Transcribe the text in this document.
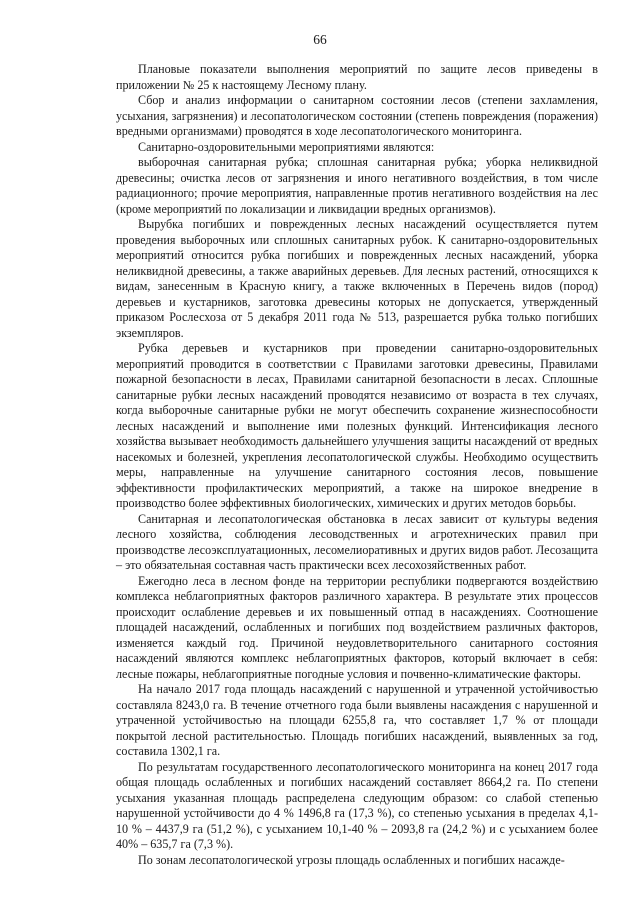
66

Плановые показатели выполнения мероприятий по защите лесов приведены в приложении № 25 к настоящему Лесному плану.

Сбор и анализ информации о санитарном состоянии лесов (степени захламления, усыхания, загрязнения) и лесопатологическом состоянии (степень повреждения (поражения) вредными организмами) проводятся в ходе лесопатологического мониторинга.

Санитарно-оздоровительными мероприятиями являются:

выборочная санитарная рубка; сплошная санитарная рубка; уборка неликвидной древесины; очистка лесов от загрязнения и иного негативного воздействия, в том числе радиационного; прочие мероприятия, направленные против негативного воздействия на лес (кроме мероприятий по локализации и ликвидации вредных организмов).

Вырубка погибших и поврежденных лесных насаждений осуществляется путем проведения выборочных или сплошных санитарных рубок. К санитарно-оздоровительных мероприятий относится рубка погибших и поврежденных лесных насаждений, уборка неликвидной древесины, а также аварийных деревьев. Для лесных растений, относящихся к видам, занесенным в Красную книгу, а также включенных в Перечень видов (пород) деревьев и кустарников, заготовка древесины которых не допускается, утвержденный приказом Рослесхоза от 5 декабря 2011 года № 513, разрешается рубка только погибших экземпляров.

Рубка деревьев и кустарников при проведении санитарно-оздоровительных мероприятий проводится в соответствии с Правилами заготовки древесины, Правилами пожарной безопасности в лесах, Правилами санитарной безопасности в лесах. Сплошные санитарные рубки лесных насаждений проводятся независимо от возраста в тех случаях, когда выборочные санитарные рубки не могут обеспечить сохранение жизнеспособности лесных насаждений и выполнение ими полезных функций. Интенсификация лесного хозяйства вызывает необходимость дальнейшего улучшения защиты насаждений от вредных насекомых и болезней, укрепления лесопатологической службы. Необходимо осуществить меры, направленные на улучшение санитарного состояния лесов, повышение эффективности профилактических мероприятий, а также на широкое внедрение в производство более эффективных биологических, химических и других методов борьбы.

Санитарная и лесопатологическая обстановка в лесах зависит от культуры ведения лесного хозяйства, соблюдения лесоводственных и агротехнических правил при производстве лесоэксплуатационных, лесомелиоративных и других видов работ. Лесозащита – это обязательная составная часть практически всех лесохозяйственных работ.

Ежегодно леса в лесном фонде на территории республики подвергаются воздействию комплекса неблагоприятных факторов различного характера. В результате этих процессов происходит ослабление деревьев и их повышенный отпад в насаждениях. Соотношение площадей насаждений, ослабленных и погибших под воздействием различных факторов, изменяется каждый год. Причиной неудовлетворительного санитарного состояния насаждений являются комплекс неблагоприятных факторов, который включает в себя: лесные пожары, неблагоприятные погодные условия и почвенно-климатические факторы.

На начало 2017 года площадь насаждений с нарушенной и утраченной устойчивостью составляла 8243,0 га. В течение отчетного года были выявлены насаждения с нарушенной и утраченной устойчивостью на площади 6255,8 га, что составляет 1,7 % от площади покрытой лесной растительностью. Площадь погибших насаждений, выявленных за год, составила 1302,1 га.

По результатам государственного лесопатологического мониторинга на конец 2017 года общая площадь ослабленных и погибших насаждений составляет 8664,2 га. По степени усыхания указанная площадь распределена следующим образом: со слабой степенью нарушенной устойчивости до 4 % 1496,8 га (17,3 %), со степенью усыхания в пределах 4,1-10 % – 4437,9 га (51,2 %), с усыханием 10,1-40 % – 2093,8 га (24,2 %) и с усыханием более 40% – 635,7 га (7,3 %).

По зонам лесопатологической угрозы площадь ослабленных и погибших насажде-
